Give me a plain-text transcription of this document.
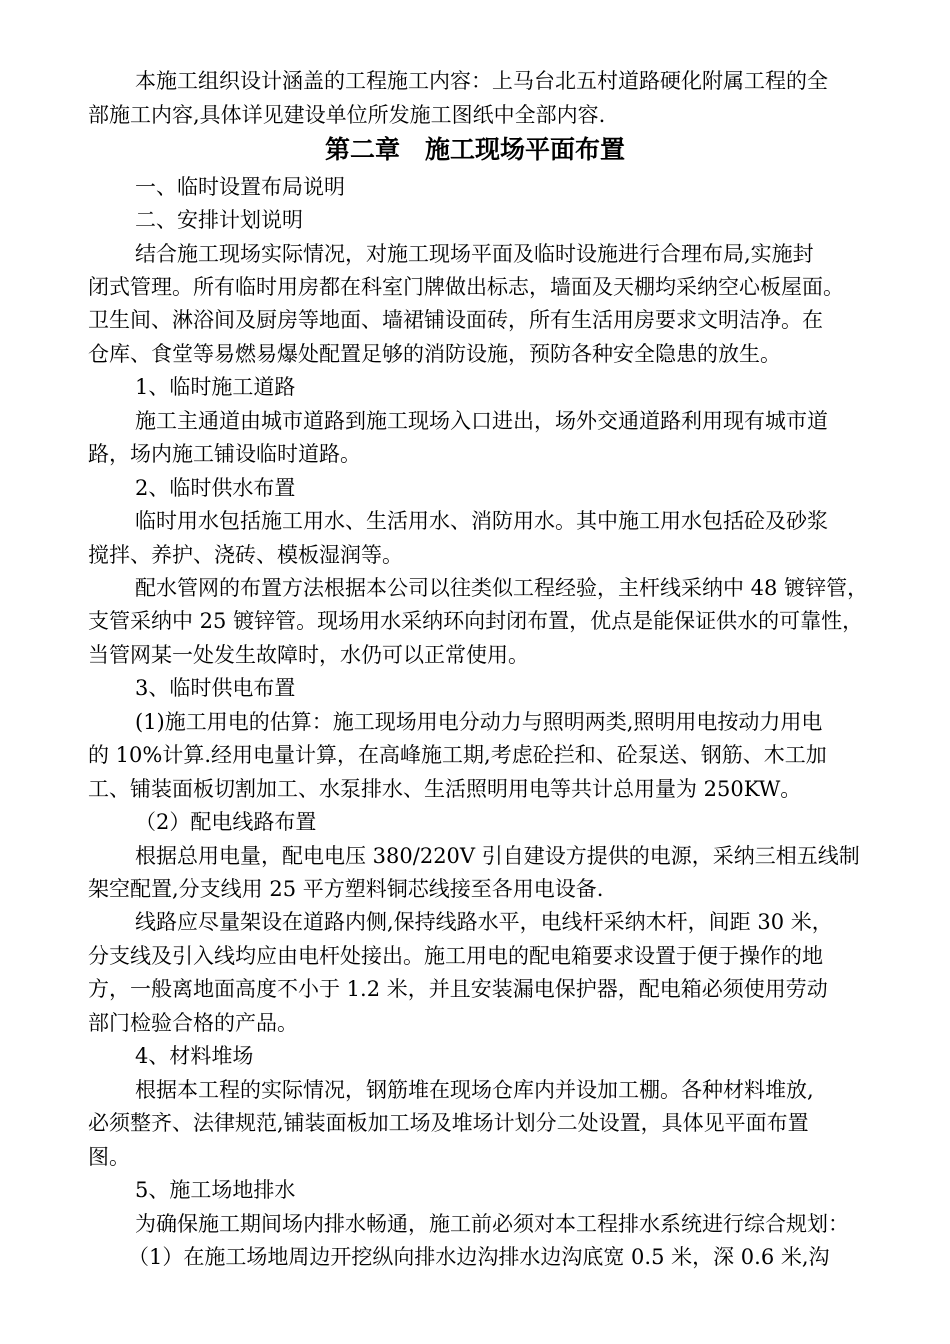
本施工组织设计涵盖的工程施工内容：上马台北五村道路硬化附属工程的全
部施工内容,具体详见建设单位所发施工图纸中全部内容.
第二章　施工现场平面布置
一、临时设置布局说明
二、安排计划说明
结合施工现场实际情况，对施工现场平面及临时设施进行合理布局,实施封
闭式管理。所有临时用房都在科室门牌做出标志，墙面及天棚均采纳空心板屋面。
卫生间、淋浴间及厨房等地面、墙裙铺设面砖，所有生活用房要求文明洁净。在
仓库、食堂等易燃易爆处配置足够的消防设施，预防各种安全隐患的放生。
1、临时施工道路
施工主通道由城市道路到施工现场入口进出，场外交通道路利用现有城市道
路，场内施工铺设临时道路。
2、临时供水布置
临时用水包括施工用水、生活用水、消防用水。其中施工用水包括砼及砂浆
搅拌、养护、浇砖、模板湿润等。
配水管网的布置方法根据本公司以往类似工程经验，主杆线采纳中 48 镀锌管，
支管采纳中 25 镀锌管。现场用水采纳环向封闭布置，优点是能保证供水的可靠性，
当管网某一处发生故障时，水仍可以正常使用。
3、临时供电布置
(1)施工用电的估算：施工现场用电分动力与照明两类,照明用电按动力用电
的 10%计算.经用电量计算，在高峰施工期,考虑砼拦和、砼泵送、钢筋、木工加
工、铺装面板切割加工、水泵排水、生活照明用电等共计总用量为 250KW。
（2）配电线路布置
根据总用电量，配电电压 380/220V 引自建设方提供的电源，采纳三相五线制
架空配置,分支线用 25 平方塑料铜芯线接至各用电设备.
线路应尽量架设在道路内侧,保持线路水平，电线杆采纳木杆，间距 30 米，
分支线及引入线均应由电杆处接出。施工用电的配电箱要求设置于便于操作的地
方，一般离地面高度不小于 1.2 米，并且安装漏电保护器，配电箱必须使用劳动
部门检验合格的产品。
4、材料堆场
根据本工程的实际情况，钢筋堆在现场仓库内并设加工棚。各种材料堆放,
必须整齐、法律规范,铺装面板加工场及堆场计划分二处设置，具体见平面布置
图。
5、施工场地排水
为确保施工期间场内排水畅通，施工前必须对本工程排水系统进行综合规划：
（1）在施工场地周边开挖纵向排水边沟排水边沟底宽 0.5 米，深 0.6 米,沟
